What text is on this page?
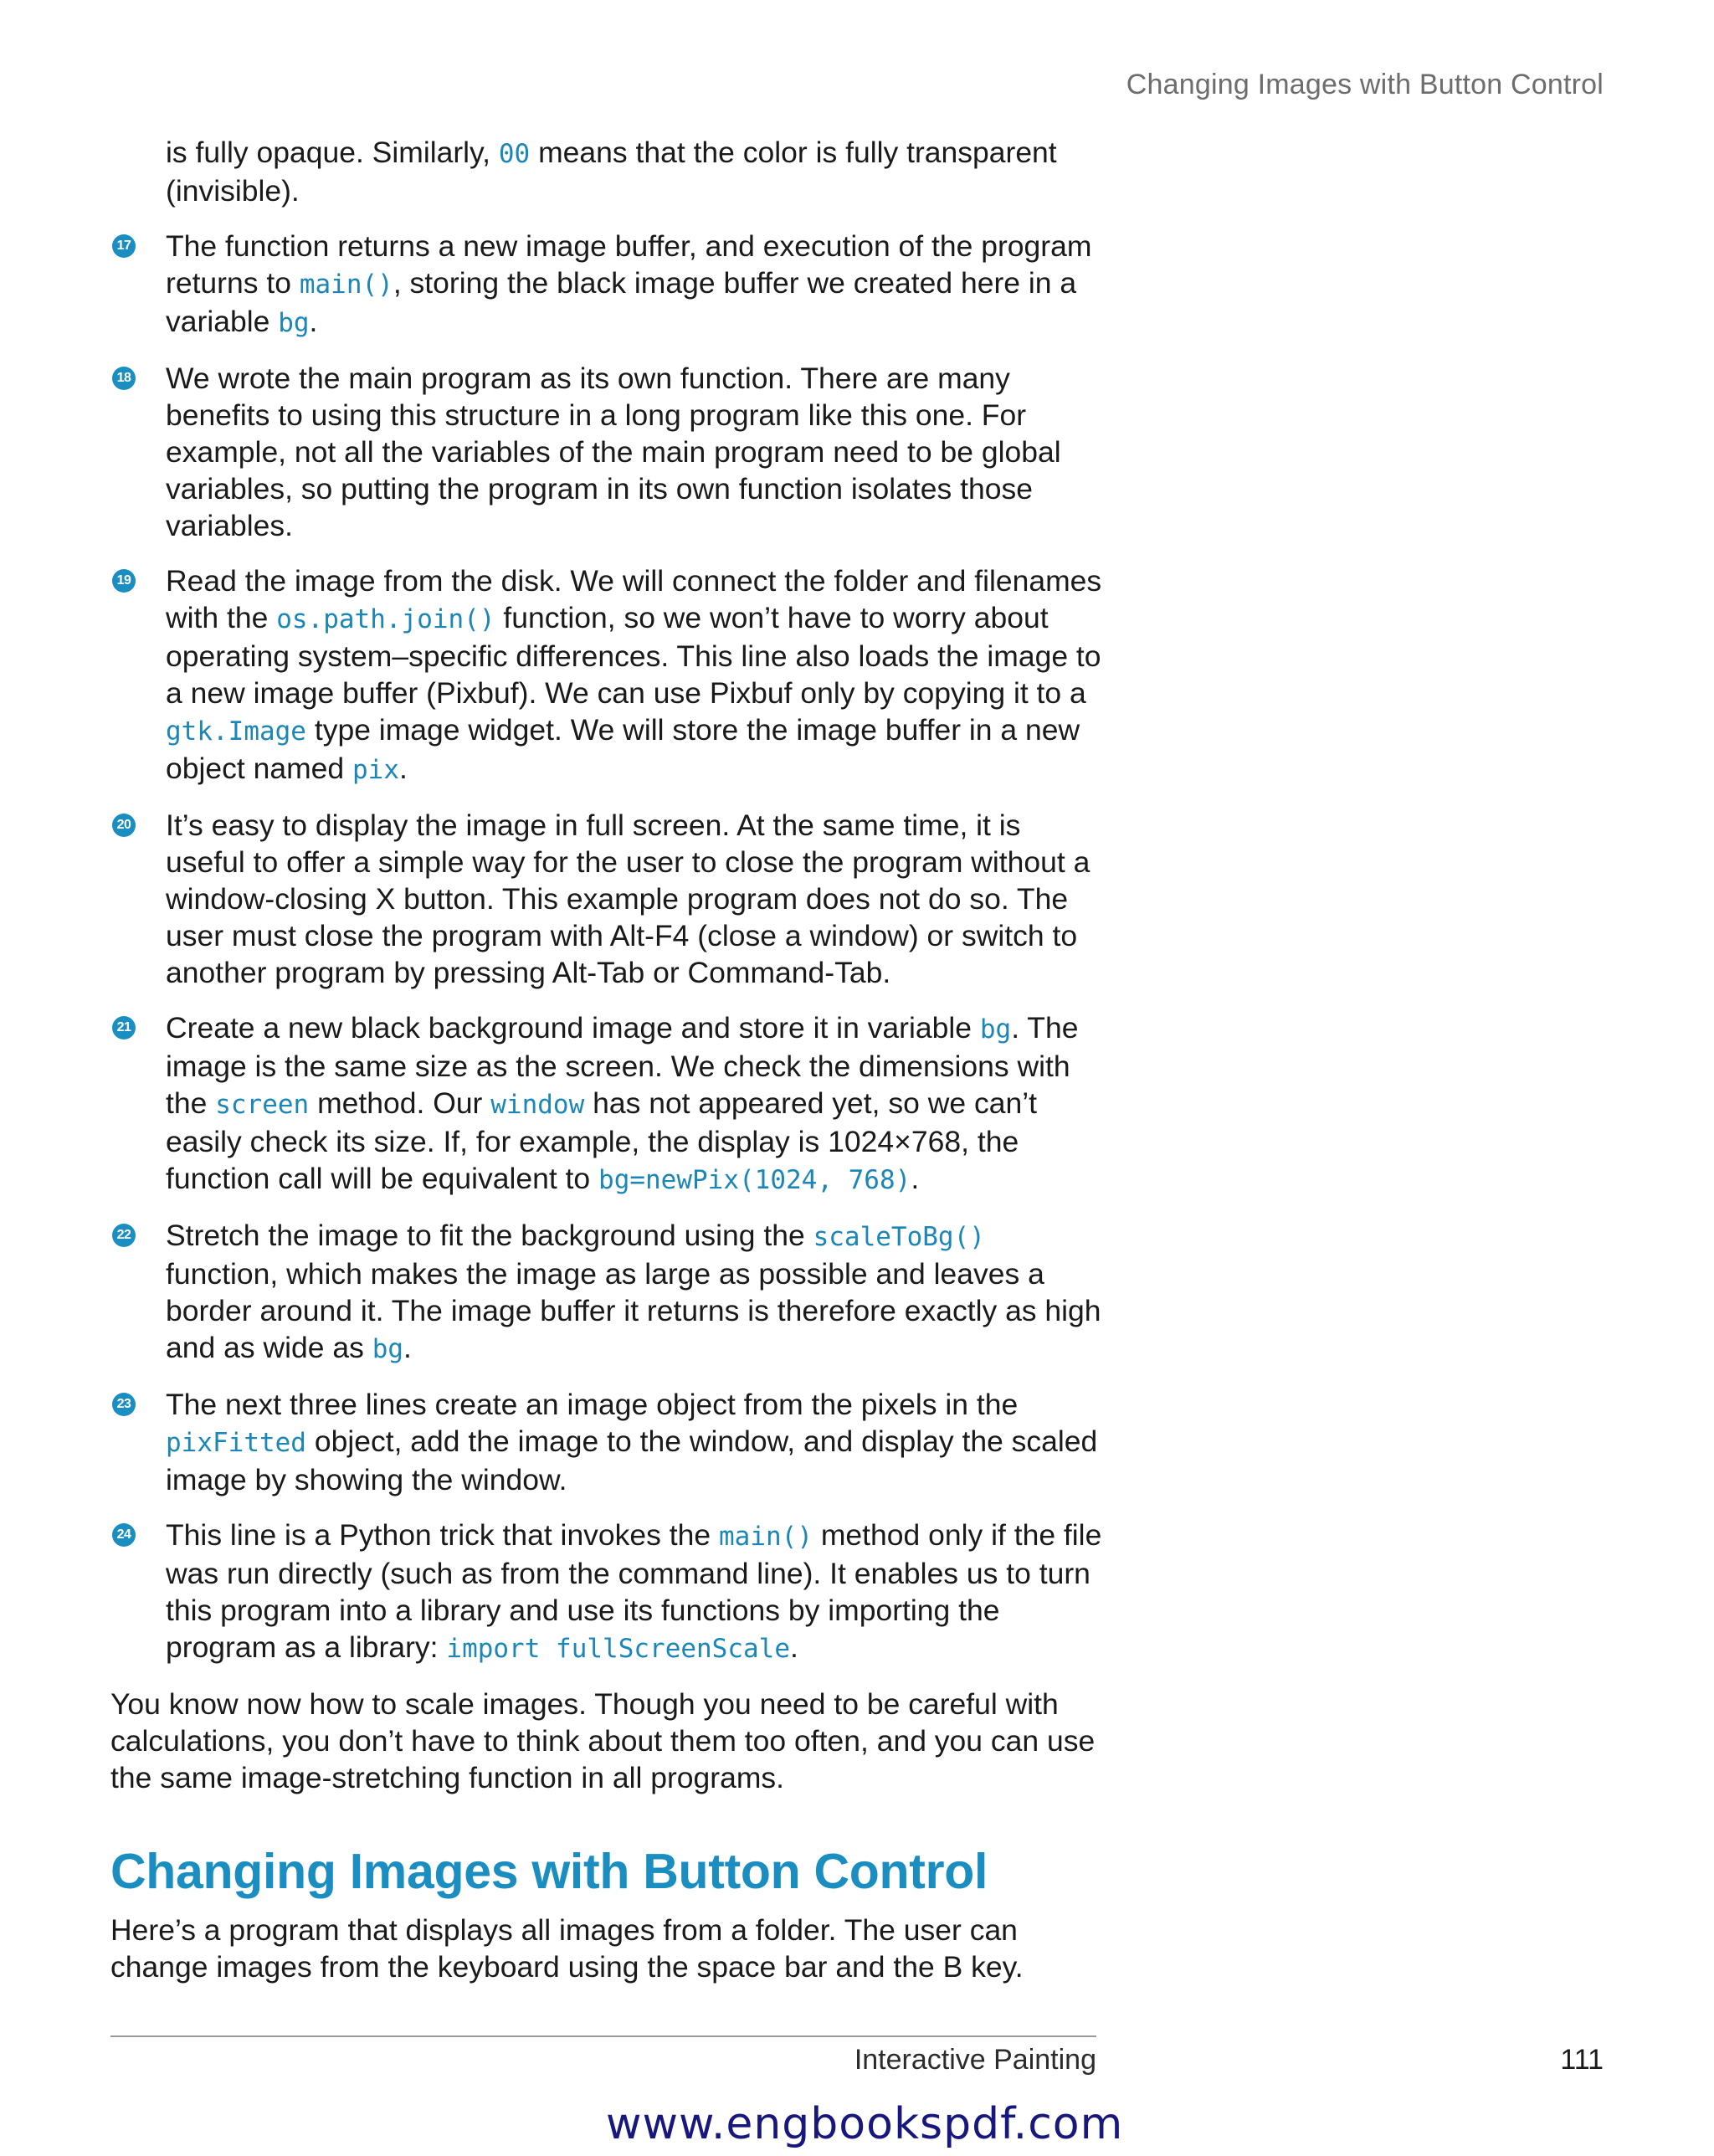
Changing Images with Button Control

is fully opaque. Similarly, 00 means that the color is fully transparent (invisible).

17 The function returns a new image buffer, and execution of the program returns to main(), storing the black image buffer we created here in a variable bg.
18 We wrote the main program as its own function. There are many benefits to using this structure in a long program like this one. For example, not all the variables of the main program need to be global variables, so putting the program in its own function isolates those variables.
19 Read the image from the disk. We will connect the folder and filenames with the os.path.join() function, so we won’t have to worry about operating system–specific differences. This line also loads the image to a new image buffer (Pixbuf). We can use Pixbuf only by copying it to a gtk.Image type image widget. We will store the image buffer in a new object named pix.
20 It’s easy to display the image in full screen. At the same time, it is useful to offer a simple way for the user to close the program without a window-closing X button. This example program does not do so. The user must close the program with Alt-F4 (close a window) or switch to another program by pressing Alt-Tab or Command-Tab.
21 Create a new black background image and store it in variable bg. The image is the same size as the screen. We check the dimensions with the screen method. Our window has not appeared yet, so we can’t easily check its size. If, for example, the display is 1024×768, the function call will be equivalent to bg=newPix(1024, 768).
22 Stretch the image to fit the background using the scaleToBg() function, which makes the image as large as possible and leaves a border around it. The image buffer it returns is therefore exactly as high and as wide as bg.
23 The next three lines create an image object from the pixels in the pixFitted object, add the image to the window, and display the scaled image by showing the window.
24 This line is a Python trick that invokes the main() method only if the file was run directly (such as from the command line). It enables us to turn this program into a library and use its functions by importing the program as a library: import fullScreenScale.

You know now how to scale images. Though you need to be careful with calculations, you don’t have to think about them too often, and you can use the same image-stretching function in all programs.

Changing Images with Button Control

Here’s a program that displays all images from a folder. The user can change images from the keyboard using the space bar and the B key.

Interactive Painting	111
www.engbookspdf.com
